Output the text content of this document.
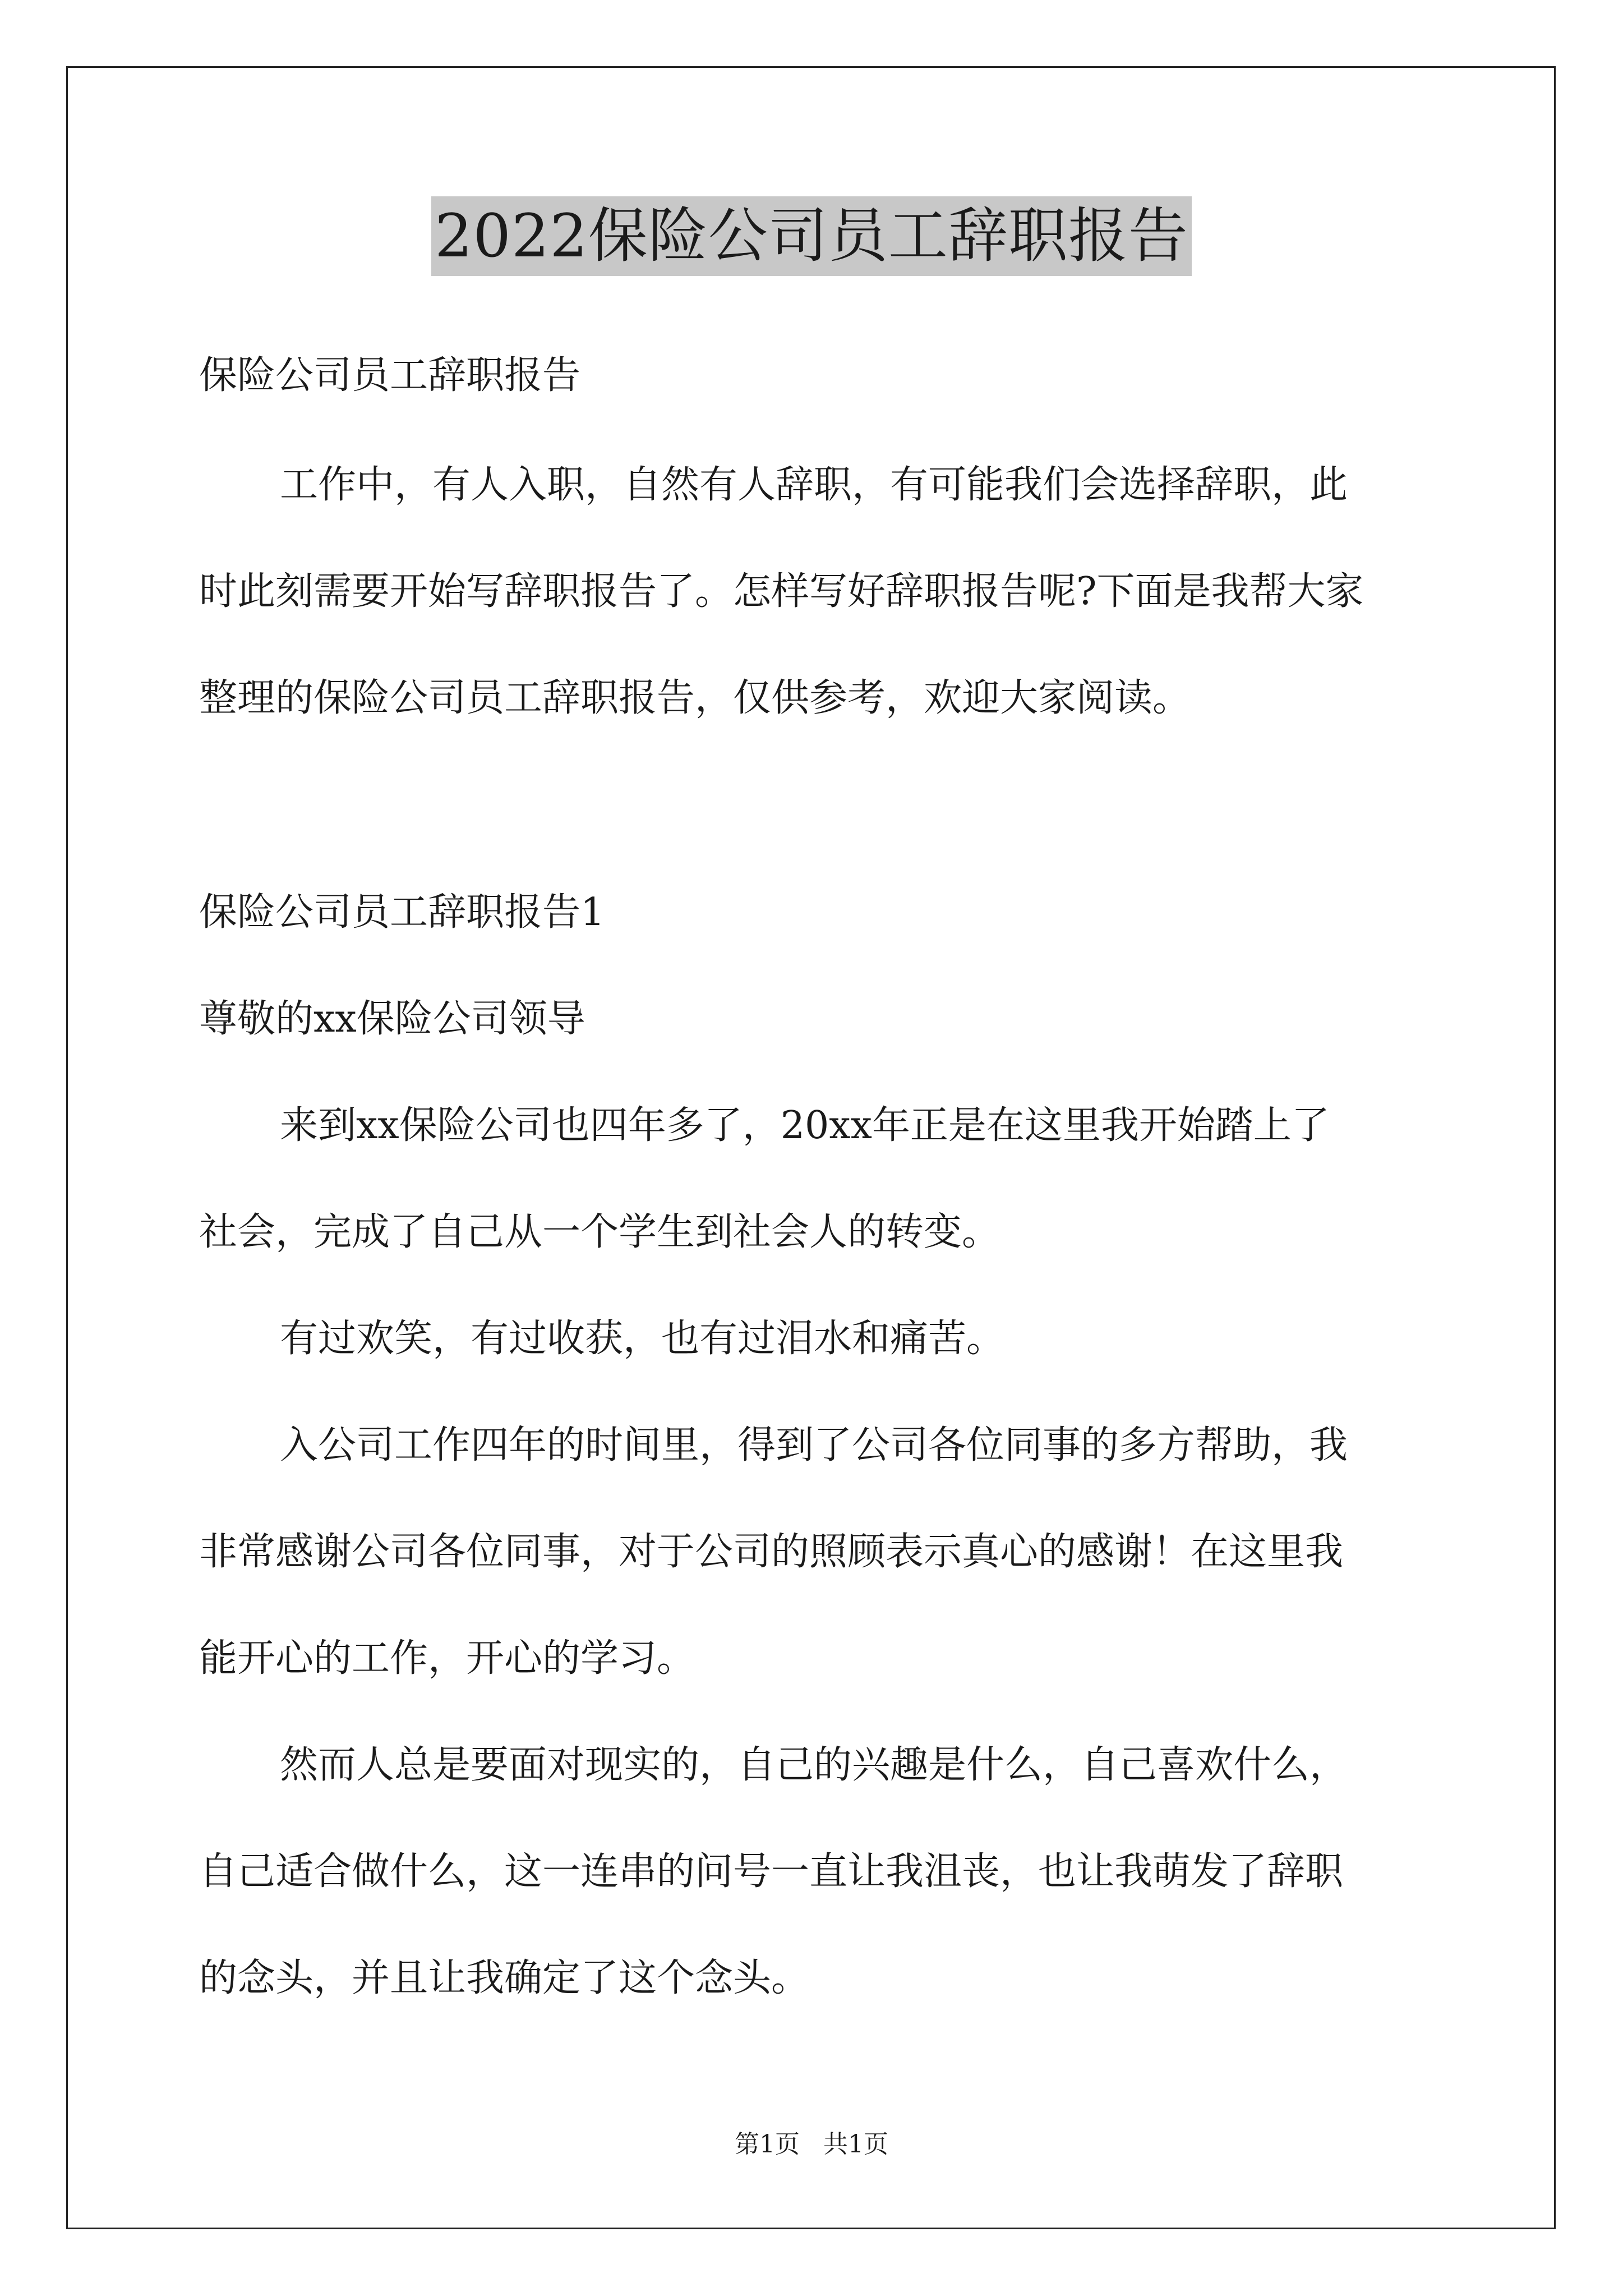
2022保险公司员工辞职报告
保险公司员工辞职报告
工作中，有人入职，自然有人辞职，有可能我们会选择辞职，此
时此刻需要开始写辞职报告了。怎样写好辞职报告呢?下面是我帮大家
整理的保险公司员工辞职报告，仅供参考，欢迎大家阅读。
保险公司员工辞职报告1
尊敬的xx保险公司领导
来到xx保险公司也四年多了，20xx年正是在这里我开始踏上了
社会，完成了自己从一个学生到社会人的转变。
有过欢笑，有过收获，也有过泪水和痛苦。
入公司工作四年的时间里，得到了公司各位同事的多方帮助，我
非常感谢公司各位同事，对于公司的照顾表示真心的感谢！在这里我
能开心的工作，开心的学习。
然而人总是要面对现实的，自己的兴趣是什么，自己喜欢什么，
自己适合做什么，这一连串的问号一直让我沮丧，也让我萌发了辞职
的念头，并且让我确定了这个念头。
第1页   共1页
